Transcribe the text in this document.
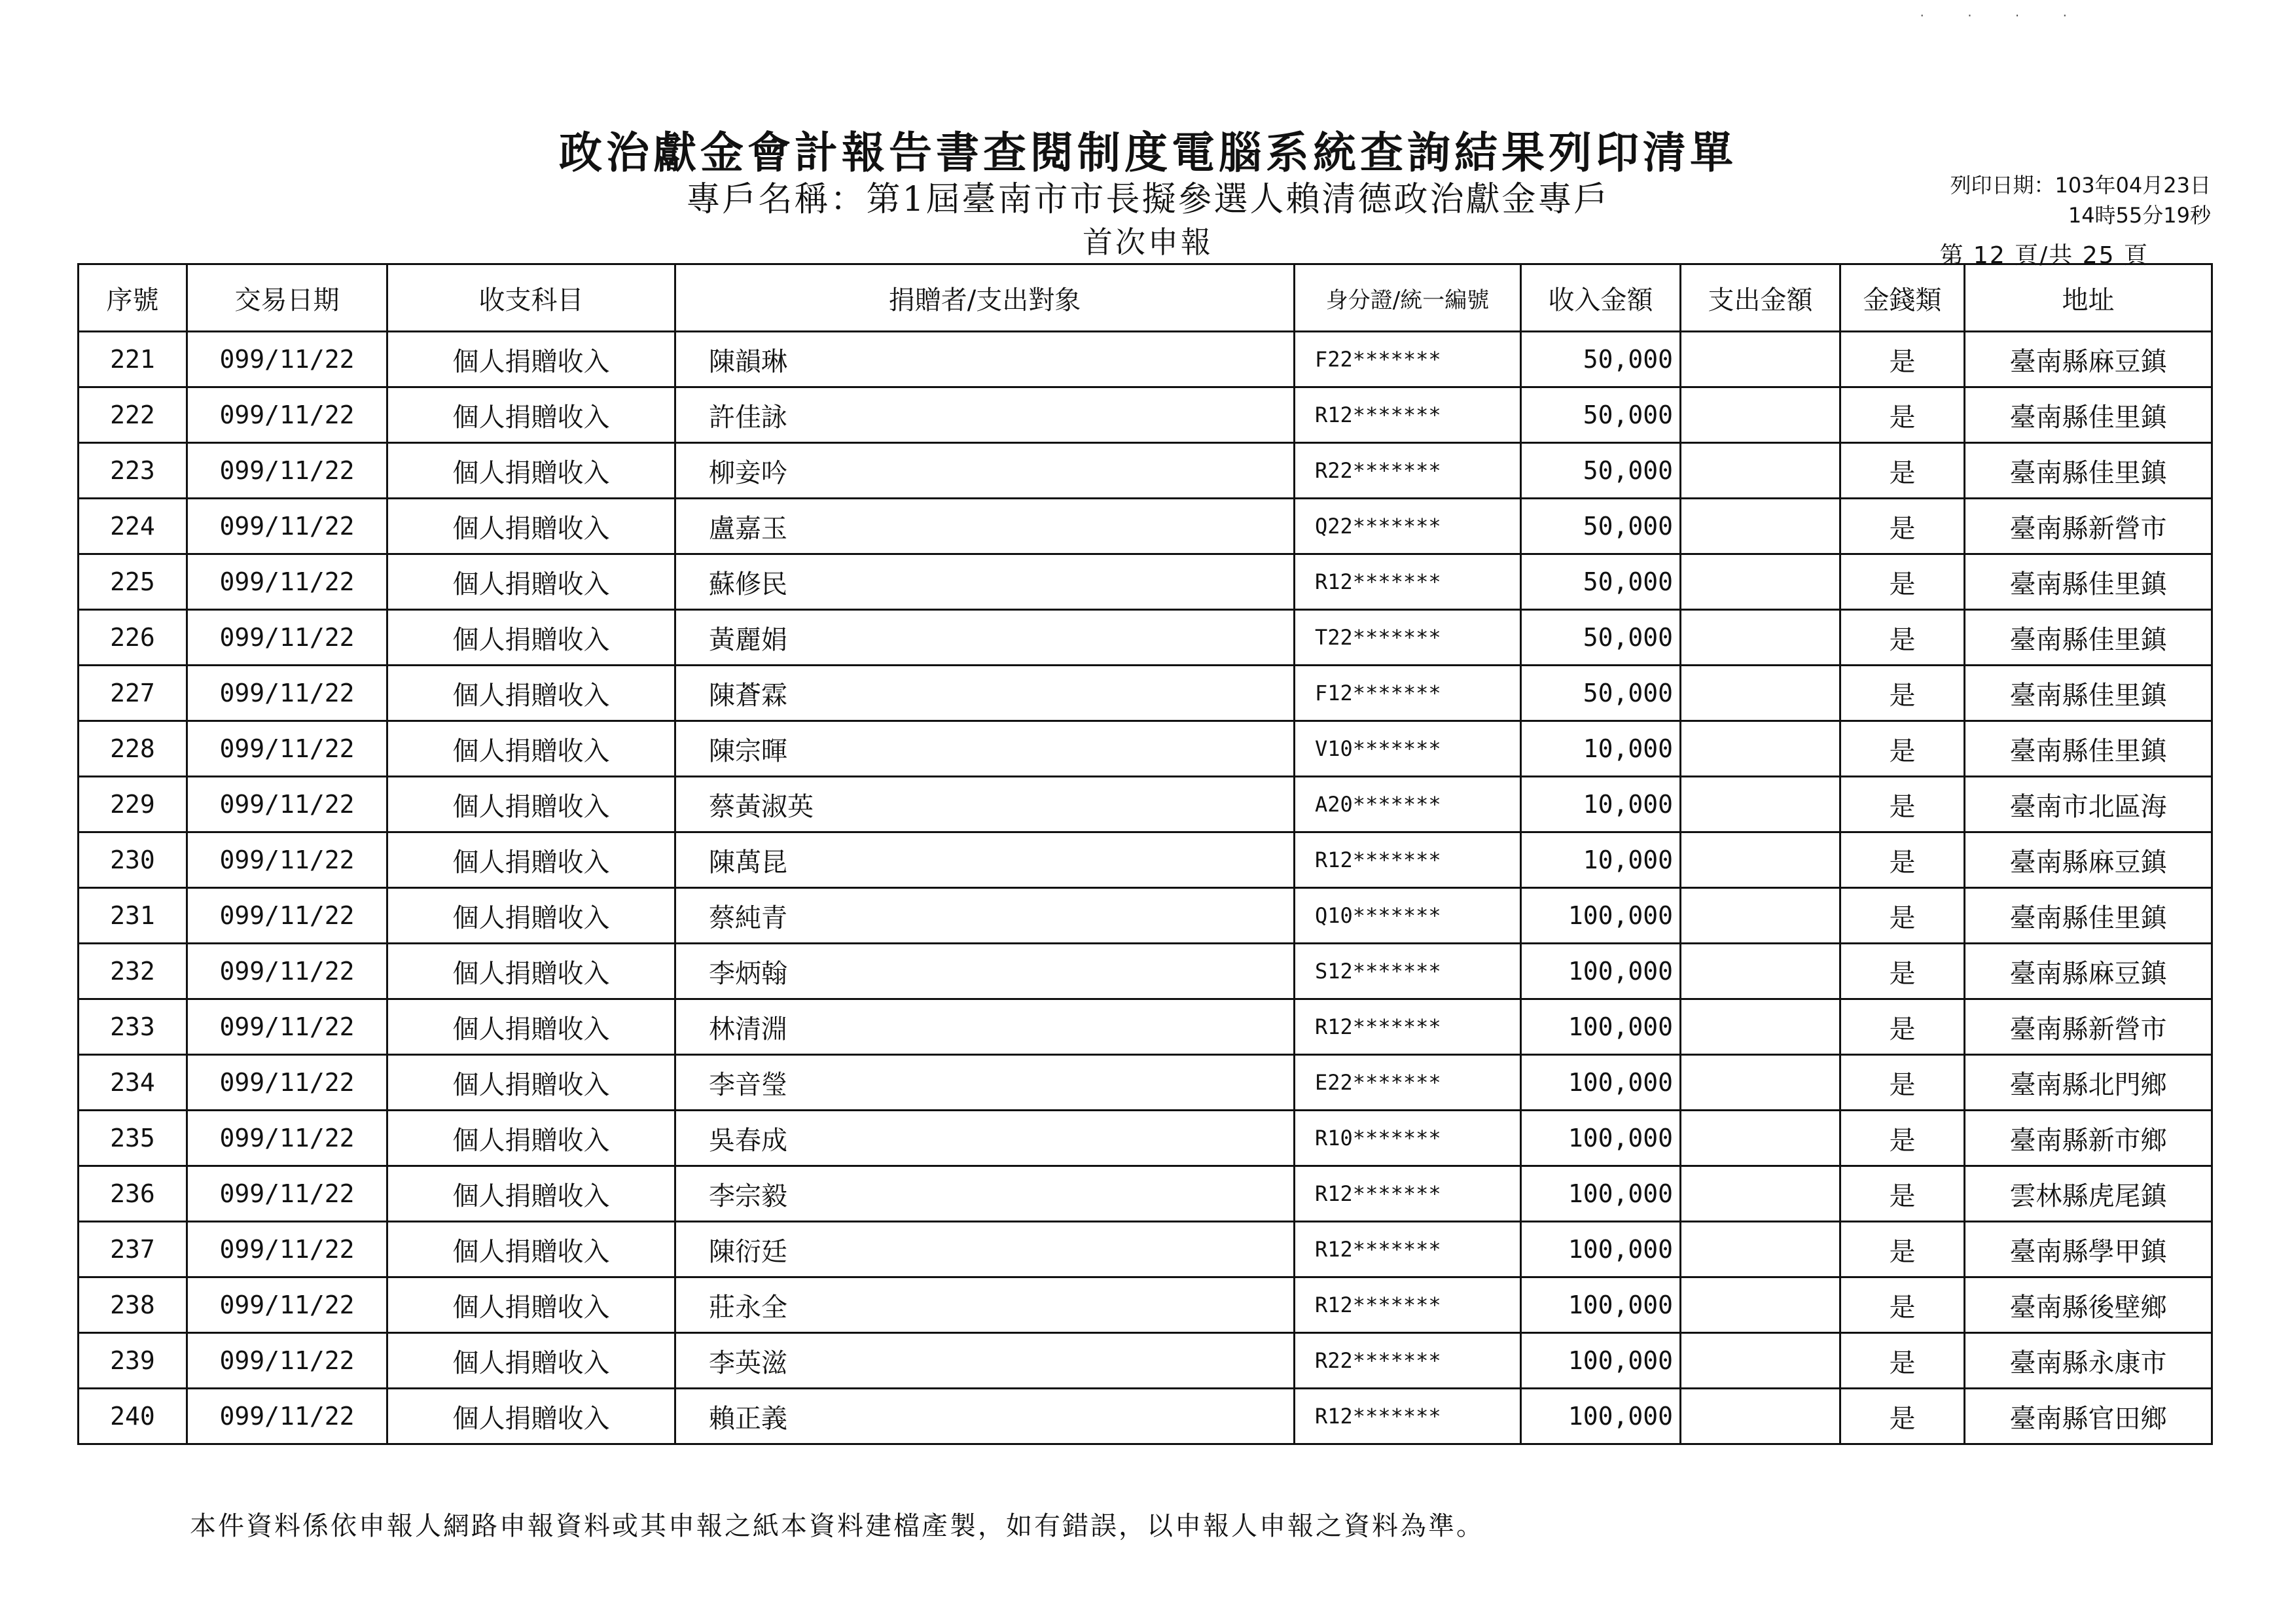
· · · ·
政治獻金會計報告書查閱制度電腦系統查詢結果列印清單
專戶名稱：第1屆臺南市市長擬參選人賴清德政治獻金專戶
首次申報
列印日期：103年04月23日
14時55分19秒
第 12 頁/共 25 頁
序號	交易日期	收支科目	捐贈者/支出對象	身分證/統一編號	收入金額	支出金額	金錢類	地址
221	099/11/22	個人捐贈收入	陳韻琳	F22*******	50,000		是	臺南縣麻豆鎮
222	099/11/22	個人捐贈收入	許佳詠	R12*******	50,000		是	臺南縣佳里鎮
223	099/11/22	個人捐贈收入	柳妾吟	R22*******	50,000		是	臺南縣佳里鎮
224	099/11/22	個人捐贈收入	盧嘉玉	Q22*******	50,000		是	臺南縣新營市
225	099/11/22	個人捐贈收入	蘇修民	R12*******	50,000		是	臺南縣佳里鎮
226	099/11/22	個人捐贈收入	黃麗娟	T22*******	50,000		是	臺南縣佳里鎮
227	099/11/22	個人捐贈收入	陳蒼霖	F12*******	50,000		是	臺南縣佳里鎮
228	099/11/22	個人捐贈收入	陳宗暉	V10*******	10,000		是	臺南縣佳里鎮
229	099/11/22	個人捐贈收入	蔡黃淑英	A20*******	10,000		是	臺南市北區海
230	099/11/22	個人捐贈收入	陳萬昆	R12*******	10,000		是	臺南縣麻豆鎮
231	099/11/22	個人捐贈收入	蔡純青	Q10*******	100,000		是	臺南縣佳里鎮
232	099/11/22	個人捐贈收入	李炳翰	S12*******	100,000		是	臺南縣麻豆鎮
233	099/11/22	個人捐贈收入	林清淵	R12*******	100,000		是	臺南縣新營市
234	099/11/22	個人捐贈收入	李音瑩	E22*******	100,000		是	臺南縣北門鄉
235	099/11/22	個人捐贈收入	吳春成	R10*******	100,000		是	臺南縣新市鄉
236	099/11/22	個人捐贈收入	李宗毅	R12*******	100,000		是	雲林縣虎尾鎮
237	099/11/22	個人捐贈收入	陳衍廷	R12*******	100,000		是	臺南縣學甲鎮
238	099/11/22	個人捐贈收入	莊永全	R12*******	100,000		是	臺南縣後壁鄉
239	099/11/22	個人捐贈收入	李英滋	R22*******	100,000		是	臺南縣永康市
240	099/11/22	個人捐贈收入	賴正義	R12*******	100,000		是	臺南縣官田鄉
本件資料係依申報人網路申報資料或其申報之紙本資料建檔產製，如有錯誤，以申報人申報之資料為準。
